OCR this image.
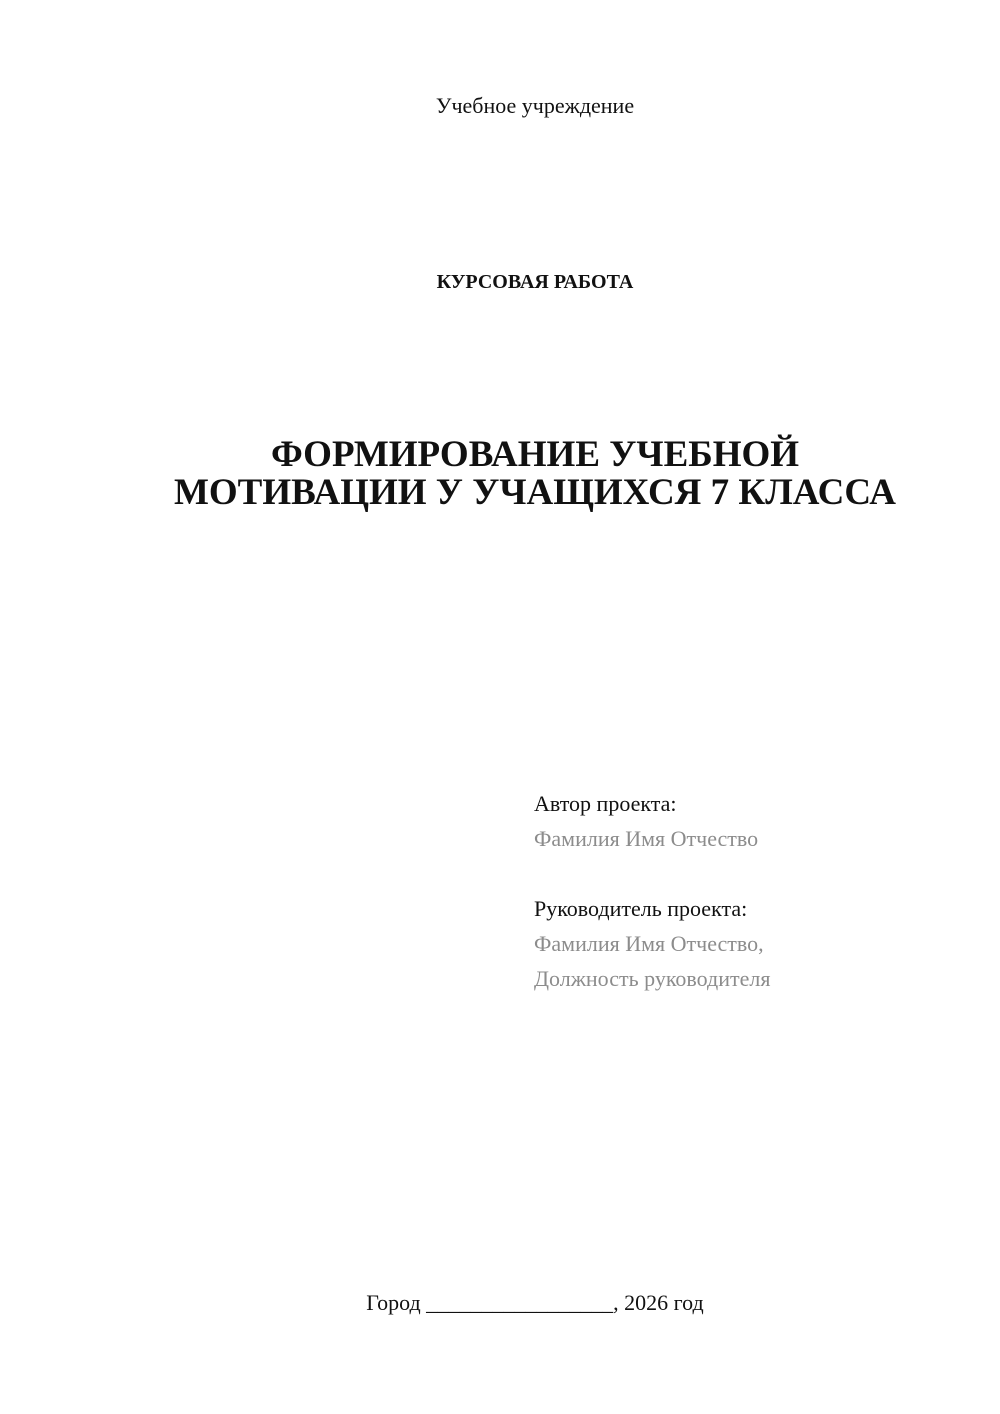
Учебное учреждение
КУРСОВАЯ РАБОТА
ФОРМИРОВАНИЕ УЧЕБНОЙ
МОТИВАЦИИ У УЧАЩИХСЯ 7 КЛАССА
Автор проекта:
Фамилия Имя Отчество
Руководитель проекта:
Фамилия Имя Отчество,
Должность руководителя
Город _________________, 2026 год
